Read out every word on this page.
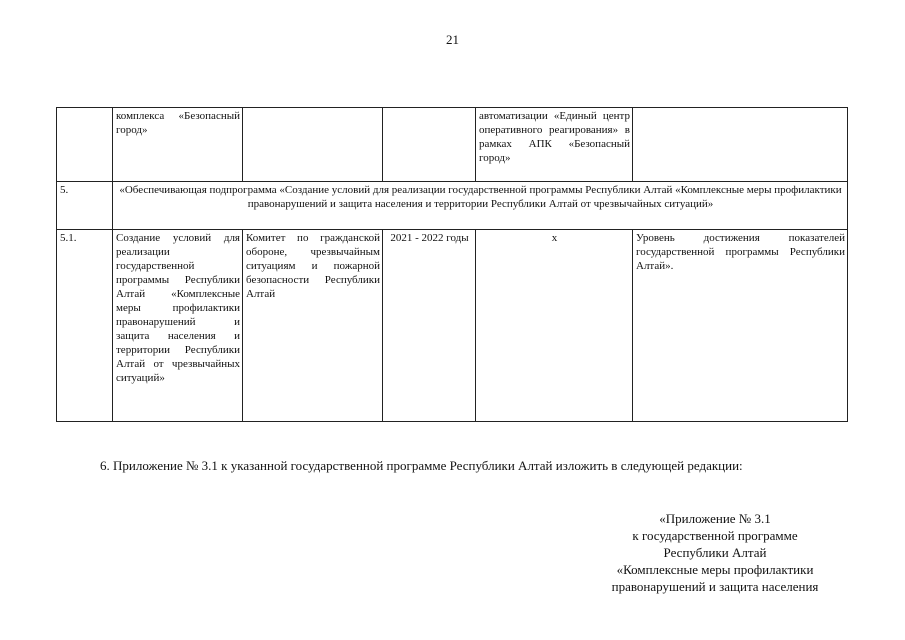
21
	комплекса «Безопасный город»			автоматизации «Единый центр оперативного реагирования» в рамках АПК «Безопасный город»	
5.	«Обеспечивающая подпрограмма «Создание условий для реализации государственной программы Республики Алтай «Комплексные меры профилактики правонарушений и защита населения и территории Республики Алтай от чрезвычайных ситуаций»				
5.1.	Создание условий для реализации государственной программы Республики Алтай «Комплексные меры профилактики правонарушений и защита населения и территории Республики Алтай от чрезвычайных ситуаций»	Комитет по гражданской обороне, чрезвычайным ситуациям и пожарной безопасности Республики Алтай	2021 - 2022 годы	х	Уровень достижения показателей государственной программы Республики Алтай».
6. Приложение № 3.1 к указанной государственной программе Республики Алтай изложить в следующей редакции:
«Приложение № 3.1
к государственной программе
Республики Алтай
«Комплексные меры профилактики
правонарушений и защита населения
